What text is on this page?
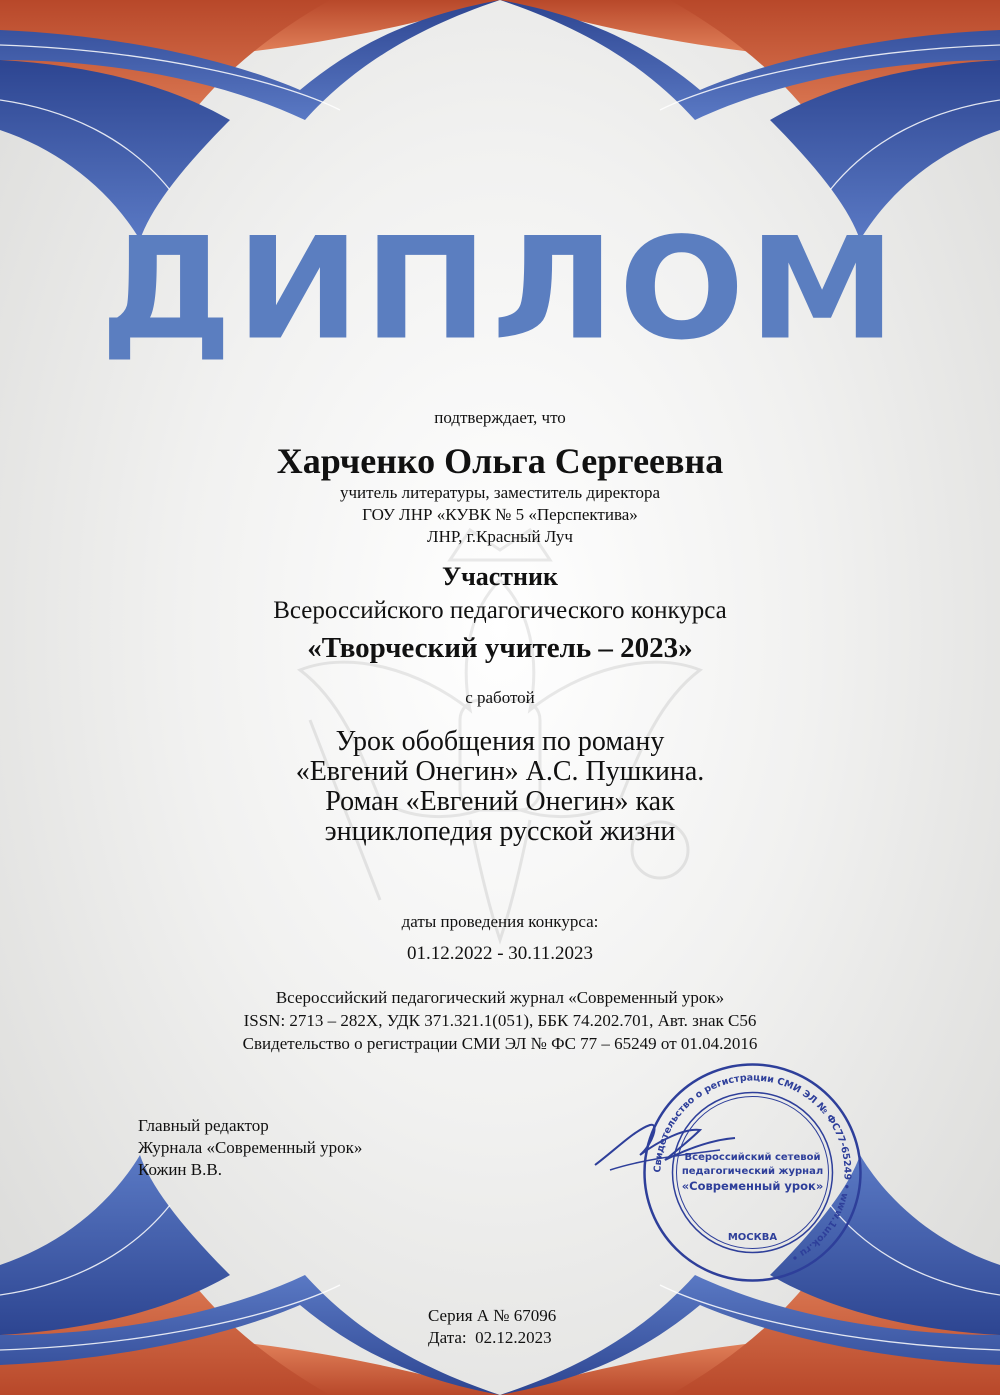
ДИПЛОМ
подтверждает, что
Харченко Ольга Сергеевна
учитель литературы, заместитель директора
ГОУ ЛНР «КУВК № 5 «Перспектива»
ЛНР, г.Красный Луч
Участник
Всероссийского педагогического конкурса
«Творческий учитель – 2023»
с работой
Урок обобщения по роману
«Евгений Онегин» А.С. Пушкина.
Роман «Евгений Онегин» как
энциклопедия русской жизни
даты проведения конкурса:
01.12.2022 - 30.11.2023
Всероссийский педагогический журнал «Современный урок»
ISSN: 2713 – 282X, УДК 371.321.1(051), ББК 74.202.701, Авт. знак С56
Свидетельство о регистрации СМИ ЭЛ № ФС 77 – 65249 от 01.04.2016
Главный редактор
Журнала «Современный урок»
Кожин В.В.	Свидетельство о регистрации СМИ ЭЛ № ФС77-65249 • www.1urok.ru •
Всероссийский сетевой
педагогический журнал
«Современный урок»
МОСКВА
Серия А № 67096
Дата:  02.12.2023
